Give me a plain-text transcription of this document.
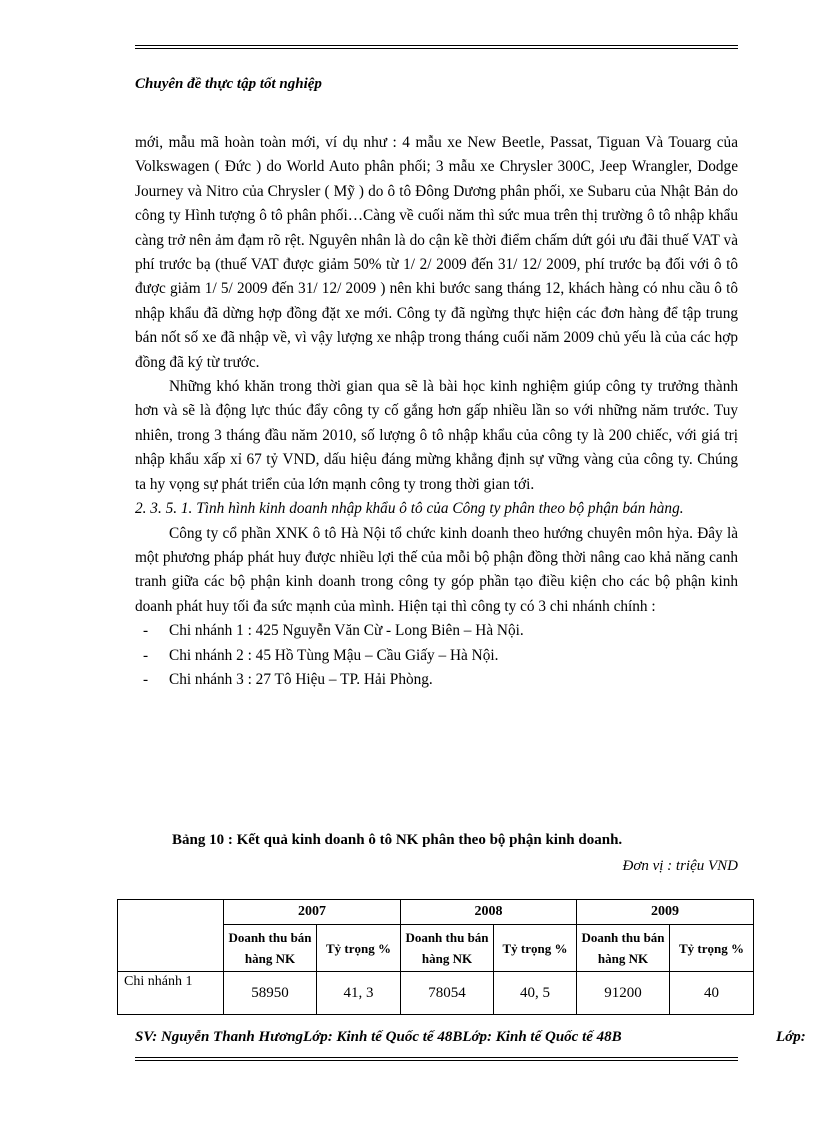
Chuyên đề thực tập tốt nghiệp

mới, mẫu mã hoàn toàn mới, ví dụ như : 4 mẫu xe New Beetle, Passat, Tiguan Và Touarg của Volkswagen ( Đức ) do World Auto phân phối; 3 mẫu xe Chrysler 300C, Jeep Wrangler, Dodge Journey và Nitro của Chrysler ( Mỹ ) do ô tô Đông Dương phân phối, xe Subaru của Nhật Bản do công ty Hình tượng ô tô phân phối…Càng về cuối năm thì sức mua trên thị trường ô tô nhập khẩu càng trở nên ảm đạm rõ rệt. Nguyên nhân là do cận kề thời điểm chấm dứt gói ưu đãi thuế VAT và phí trước bạ (thuế VAT được giảm 50% từ 1/ 2/ 2009 đến 31/ 12/ 2009, phí trước bạ đối với ô tô được giảm 1/ 5/ 2009 đến 31/ 12/ 2009 ) nên khi bước sang tháng 12, khách hàng có nhu cầu ô tô nhập khẩu đã dừng hợp đồng đặt xe mới. Công ty đã ngừng thực hiện các đơn hàng để tập trung bán nốt số xe đã nhập về, vì vậy lượng xe nhập trong tháng cuối năm 2009 chủ yếu là của các hợp đồng đã ký từ trước.

Những khó khăn trong thời gian qua sẽ là bài học kinh nghiệm giúp công ty trưởng thành hơn và sẽ là động lực thúc đẩy công ty cố gắng hơn gấp nhiều lần so với những năm trước. Tuy nhiên, trong 3 tháng đầu năm 2010, số lượng ô tô nhập khẩu của công ty là 200 chiếc, với giá trị nhập khẩu xấp xỉ 67 tỷ VND, dấu hiệu đáng mừng khẳng định sự vững vàng của công ty. Chúng ta hy vọng sự phát triển của lớn mạnh công ty trong thời gian tới.

2. 3. 5. 1. Tình hình kinh doanh nhập khẩu ô tô của Công ty phân theo bộ phận bán hàng.

Công ty cổ phần XNK ô tô Hà Nội tổ chức kinh doanh theo hướng chuyên môn hỳa. Đây là một phương pháp phát huy được nhiều lợi thế của mỗi bộ phận đồng thời nâng cao khả năng canh tranh giữa các bộ phận kinh doanh trong công ty góp phần tạo điều kiện cho các bộ phận kinh doanh phát huy tối đa sức mạnh của mình. Hiện tại thì công ty có 3 chi nhánh chính :

- Chi nhánh 1 : 425 Nguyễn Văn Cừ - Long Biên – Hà Nội.
- Chi nhánh 2 : 45 Hồ Tùng Mậu – Cầu Giấy – Hà Nội.
- Chi nhánh 3 : 27 Tô Hiệu – TP. Hải Phòng.
Bảng 10 : Kết quả kinh doanh ô tô NK phân theo bộ phận kinh doanh.
Đơn vị : triệu VND
	2007		2008		2009	
	Doanh thu bán hàng NK	Tỷ trọng %	Doanh thu bán hàng NK	Tỷ trọng %	Doanh thu bán hàng NK	Tỷ trọng %
Chi nhánh 1	58950	41, 3	78054	40, 5	91200	40
SV: Nguyễn Thanh HươngLớp: Kinh tế Quốc tế 48BLớp: Kinh tế Quốc tế 48B	Lớp:
